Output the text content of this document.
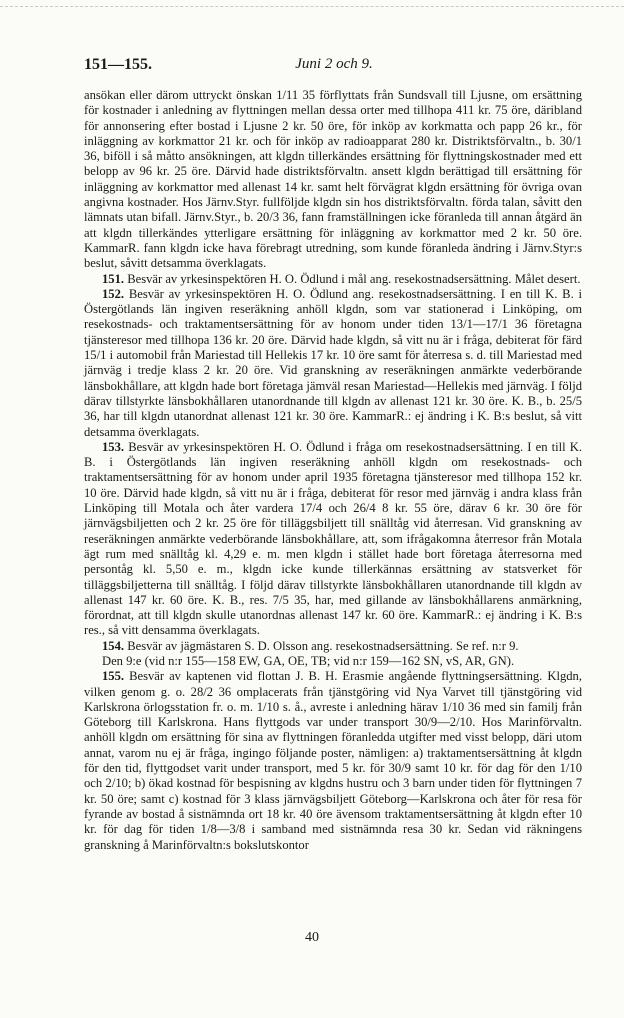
151—155.	Juni 2 och 9.

ansökan eller därom uttryckt önskan 1/11 35 förflyttats från Sundsvall till Ljusne, om ersättning för kostnader i anledning av flyttningen mellan dessa orter med tillhopa 411 kr. 75 öre, däribland för annonsering efter bostad i Ljusne 2 kr. 50 öre, för inköp av korkmatta och papp 26 kr., för inläggning av korkmattor 21 kr. och för inköp av radioapparat 280 kr. Distriktsförvaltn., b. 30/1 36, biföll i så måtto ansökningen, att klgdn tillerkändes ersättning för flyttningskostnader med ett belopp av 96 kr. 25 öre. Därvid hade distriktsförvaltn. ansett klgdn berättigad till ersättning för inläggning av korkmattor med allenast 14 kr. samt helt förvägrat klgdn ersättning för övriga ovan angivna kostnader. Hos Järnv.Styr. fullföljde klgdn sin hos distriktsförvaltn. förda talan, såvitt den lämnats utan bifall. Järnv.Styr., b. 20/3 36, fann framställningen icke föranleda till annan åtgärd än att klgdn tillerkändes ytterligare ersättning för inläggning av korkmattor med 2 kr. 50 öre. KammarR. fann klgdn icke hava förebragt utredning, som kunde föranleda ändring i Järnv.Styr:s beslut, såvitt detsamma överklagats.

151. Besvär av yrkesinspektören H. O. Ödlund i mål ang. resekostnadsersättning. Målet desert.

152. Besvär av yrkesinspektören H. O. Ödlund ang. resekostnadsersättning. I en till K. B. i Östergötlands län ingiven reseräkning anhöll klgdn, som var stationerad i Linköping, om resekostnads- och traktamentsersättning för av honom under tiden 13/1—17/1 36 företagna tjänsteresor med tillhopa 136 kr. 20 öre. Därvid hade klgdn, så vitt nu är i fråga, debiterat för färd 15/1 i automobil från Mariestad till Hellekis 17 kr. 10 öre samt för återresa s. d. till Mariestad med järnväg i tredje klass 2 kr. 20 öre. Vid granskning av reseräkningen anmärkte vederbörande länsbokhållare, att klgdn hade bort företaga jämväl resan Mariestad—Hellekis med järnväg. I följd därav tillstyrkte länsbokhållaren utanordnande till klgdn av allenast 121 kr. 30 öre. K. B., b. 25/5 36, har till klgdn utanordnat allenast 121 kr. 30 öre. KammarR.: ej ändring i K. B:s beslut, så vitt detsamma överklagats.

153. Besvär av yrkesinspektören H. O. Ödlund i fråga om resekostnadsersättning. I en till K. B. i Östergötlands län ingiven reseräkning anhöll klgdn om resekostnads- och traktamentsersättning för av honom under april 1935 företagna tjänsteresor med tillhopa 152 kr. 10 öre. Därvid hade klgdn, så vitt nu är i fråga, debiterat för resor med järnväg i andra klass från Linköping till Motala och åter vardera 17/4 och 26/4 8 kr. 55 öre, därav 6 kr. 30 öre för järnvägsbiljetten och 2 kr. 25 öre för tilläggsbiljett till snälltåg vid återresan. Vid granskning av reseräkningen anmärkte vederbörande länsbokhållare, att, som ifrågakomna återresor från Motala ägt rum med snälltåg kl. 4,29 e. m. men klgdn i stället hade bort företaga återresorna med persontåg kl. 5,50 e. m., klgdn icke kunde tillerkännas ersättning av statsverket för tilläggsbiljetterna till snälltåg. I följd därav tillstyrkte länsbokhållaren utanordnande till klgdn av allenast 147 kr. 60 öre. K. B., res. 7/5 35, har, med gillande av länsbokhållarens anmärkning, förordnat, att till klgdn skulle utanordnas allenast 147 kr. 60 öre. KammarR.: ej ändring i K. B:s res., så vitt densamma överklagats.

154. Besvär av jägmästaren S. D. Olsson ang. resekostnadsersättning. Se ref. n:r 9.

Den 9:e (vid n:r 155—158 EW, GA, OE, TB; vid n:r 159—162 SN, vS, AR, GN).

155. Besvär av kaptenen vid flottan J. B. H. Erasmie angående flyttningsersättning. Klgdn, vilken genom g. o. 28/2 36 omplacerats från tjänstgöring vid Nya Varvet till tjänstgöring vid Karlskrona örlogsstation fr. o. m. 1/10 s. å., avreste i anledning härav 1/10 36 med sin familj från Göteborg till Karlskrona. Hans flyttgods var under transport 30/9—2/10. Hos Marinförvaltn. anhöll klgdn om ersättning för sina av flyttningen föranledda utgifter med visst belopp, däri utom annat, varom nu ej är fråga, ingingo följande poster, nämligen: a) traktamentsersättning åt klgdn för den tid, flyttgodset varit under transport, med 5 kr. för 30/9 samt 10 kr. för dag för den 1/10 och 2/10; b) ökad kostnad för bespisning av klgdns hustru och 3 barn under tiden för flyttningen 7 kr. 50 öre; samt c) kostnad för 3 klass järnvägsbiljett Göteborg—Karlskrona och åter för resa för fyrande av bostad å sistnämnda ort 18 kr. 40 öre ävensom traktamentsersättning åt klgdn efter 10 kr. för dag för tiden 1/8—3/8 i samband med sistnämnda resa 30 kr. Sedan vid räkningens granskning å Marinförvaltn:s bokslutskontor

40
